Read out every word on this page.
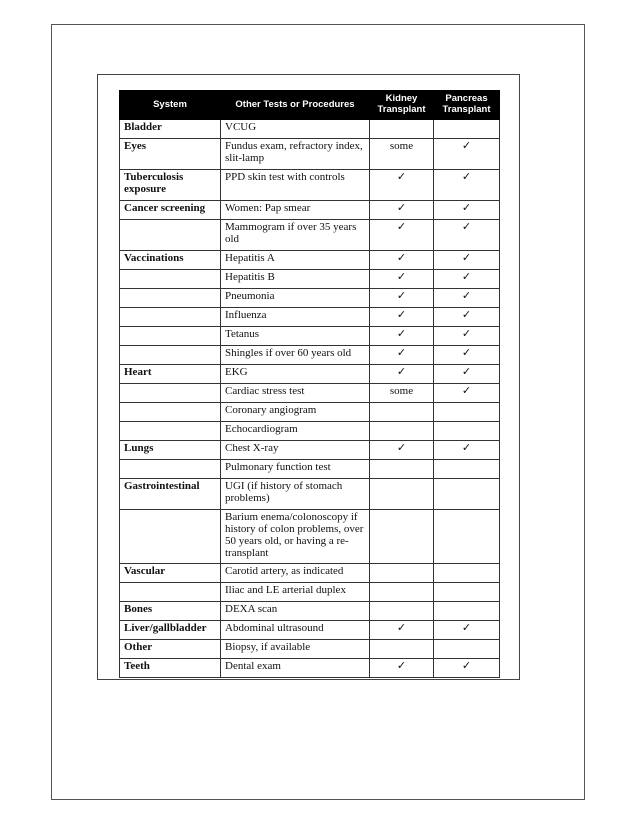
System	Other Tests or Procedures	Kidney Transplant	Pancreas Transplant
Bladder	VCUG		
Eyes	Fundus exam, refractory index, slit-lamp	some	✓
Tuberculosis exposure	PPD skin test with controls	✓	✓
Cancer screening	Women: Pap smear	✓	✓
	Mammogram if over 35 years old	✓	✓
Vaccinations	Hepatitis A	✓	✓
	Hepatitis B	✓	✓
	Pneumonia	✓	✓
	Influenza	✓	✓
	Tetanus	✓	✓
	Shingles if over 60 years old	✓	✓
Heart	EKG	✓	✓
	Cardiac stress test	some	✓
	Coronary angiogram		
	Echocardiogram		
Lungs	Chest X-ray	✓	✓
	Pulmonary function test		
Gastrointestinal	UGI (if history of stomach problems)		
	Barium enema/colonoscopy if history of colon problems, over 50 years old, or having a re-transplant		
Vascular	Carotid artery, as indicated		
	Iliac and LE arterial duplex		
Bones	DEXA scan		
Liver/gallbladder	Abdominal ultrasound	✓	✓
Other	Biopsy, if available		
Teeth	Dental exam	✓	✓
